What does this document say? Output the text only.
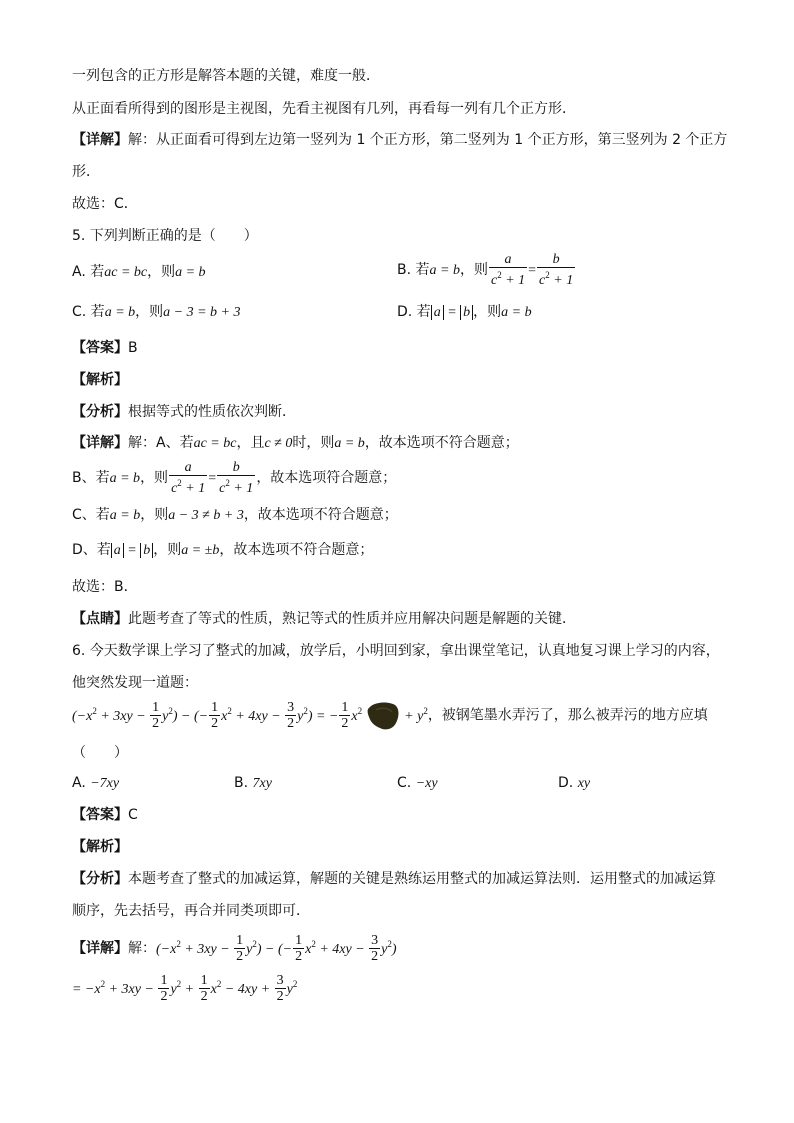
一列包含的正方形是解答本题的关键，难度一般．
从正面看所得到的图形是主视图，先看主视图有几列，再看每一列有几个正方形．
【详解】解：从正面看可得到左边第一竖列为 1 个正方形，第二竖列为 1 个正方形，第三竖列为 2 个正方
形．
故选：C．
5. 下列判断正确的是（　　）
A. 若ac = bc，则a = b	B. 若a = b，则 $\frac{a}{c^2 + 1} = \frac{b}{c^2 + 1}$
C. 若a = b，则a − 3 = b + 3	D. 若 a = b ，则a = b
【答案】B
【解析】
【分析】根据等式的性质依次判断．
【详解】解：A、若ac = bc，且c ≠ 0时，则a = b，故本选项不符合题意；
B、若a = b，则 $\frac{a}{c^2 + 1} = \frac{b}{c^2 + 1}$ ，故本选项符合题意；
C、若a = b，则a − 3 ≠ b + 3，故本选项不符合题意；
D、若 a = b ，则a = ±b，故本选项不符合题意；
故选：B．
【点睛】此题考查了等式的性质，熟记等式的性质并应用解决问题是解题的关键．
6. 今天数学课上学习了整式的加减，放学后，小明回到家，拿出课堂笔记，认真地复习课上学习的内容，
他突然发现一道题：
$(-x^2 + 3xy - \frac{1}{2} y^2)$ − (− $\frac{1}{2} x^2 + 4xy - \frac{3}{2} y^2$) = − $\frac{1}{2} x^2$	+ $y^2$，被钢笔墨水弄污了，那么被弄污的地方应填
（　　）
A. −7xy	B. 7xy	C. −xy	D. xy
【答案】C
【解析】
【分析】本题考查了整式的加减运算，解题的关键是熟练运用整式的加减运算法则．运用整式的加减运算
顺序，先去括号，再合并同类项即可．
【详解】解：$(-x^2 + 3xy - \frac{1}{2} y^2)$ − (− $\frac{1}{2} x^2 + 4xy - \frac{3}{2} y^2$)
= $-x^2 + 3xy - \frac{1}{2} y^2 + \frac{1}{2} x^2 - 4xy + \frac{3}{2} y^2$
